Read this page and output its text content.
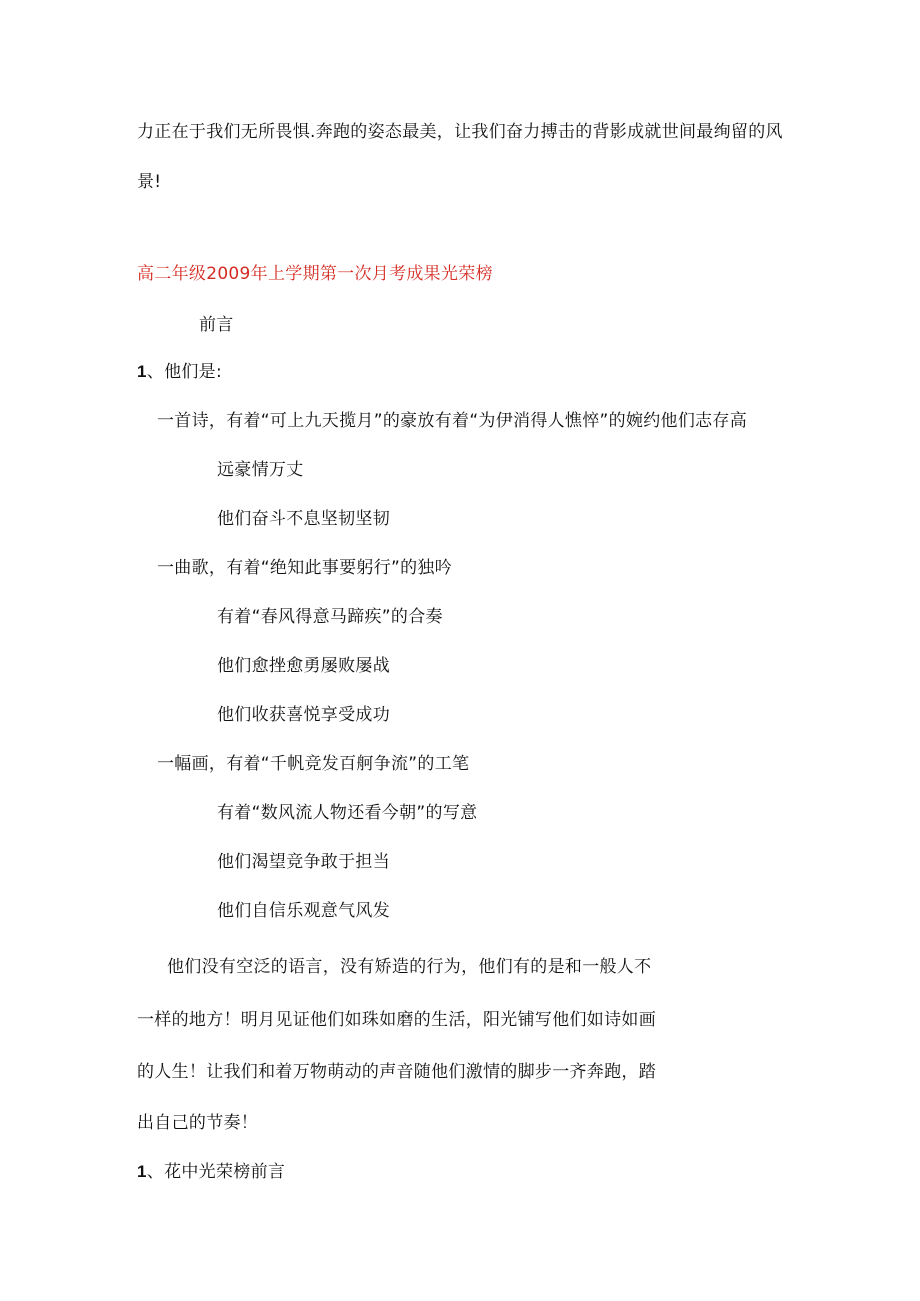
力正在于我们无所畏惧.奔跑的姿态最美，让我们奋力搏击的背影成就世间最绚留的风
景!
高二年级2009年上学期第一次月考成果光荣榜
前言
1、他们是:
一首诗，有着“可上九天揽月”的豪放有着“为伊消得人憔悴”的婉约他们志存高
远豪情万丈
他们奋斗不息坚韧坚韧
一曲歌，有着“绝知此事要躬行”的独吟
有着“春风得意马蹄疾”的合奏
他们愈挫愈勇屡败屡战
他们收获喜悦享受成功
一幅画，有着“千帆竞发百舸争流”的工笔
有着“数风流人物还看今朝”的写意
他们渴望竞争敢于担当
他们自信乐观意气风发
他们没有空泛的语言，没有矫造的行为，他们有的是和一般人不
一样的地方！明月见证他们如珠如磨的生活，阳光铺写他们如诗如画
的人生！让我们和着万物萌动的声音随他们激情的脚步一齐奔跑，踏
出自己的节奏！
1、花中光荣榜前言
